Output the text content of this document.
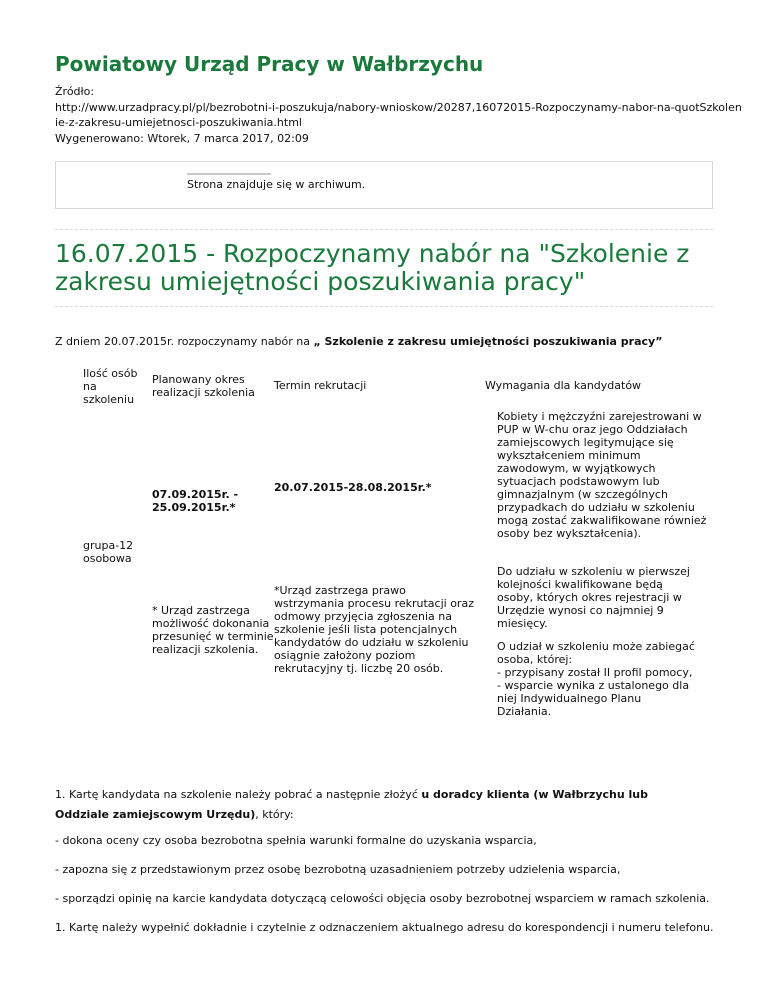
Powiatowy Urząd Pracy w Wałbrzychu
Źródło:
http://www.urzadpracy.pl/pl/bezrobotni-i-poszukuja/nabory-wnioskow/20287,16072015-Rozpoczynamy-nabor-na-quotSzkolen
ie-z-zakresu-umiejetnosci-poszukiwania.html
Wygenerowano: Wtorek, 7 marca 2017, 02:09
Strona znajduje się w archiwum.
16.07.2015 - Rozpoczynamy nabór na "Szkolenie z zakresu umiejętności poszukiwania pracy"
Z dniem 20.07.2015r. rozpoczynamy nabór na „ Szkolenie z zakresu umiejętności poszukiwania pracy”
Ilość osób na szkoleniu
Planowany okres realizacji szkolenia
Termin rekrutacji	Wymagania dla kandydatów
grupa-12 osobowa
07.09.2015r. - 25.09.2015r.*
20.07.2015-28.08.2015r.*
Kobiety i mężczyźni zarejestrowani w PUP w W-chu oraz jego Oddziałach zamiejscowych legitymujące się wykształceniem minimum zawodowym, w wyjątkowych sytuacjach podstawowym lub gimnazjalnym (w szczególnych przypadkach do udziału w szkoleniu mogą zostać zakwalifikowane również osoby bez wykształcenia).
Do udziału w szkoleniu w pierwszej kolejności kwalifikowane będą osoby, których okres rejestracji w Urzędzie wynosi co najmniej 9 miesięcy.
O udział w szkoleniu może zabiegać osoba, której:
- przypisany został II profil pomocy,
- wsparcie wynika z ustalonego dla niej Indywidualnego Planu Działania.
* Urząd zastrzega możliwość dokonania przesunięć w terminie realizacji szkolenia.
*Urząd zastrzega prawo wstrzymania procesu rekrutacji oraz odmowy przyjęcia zgłoszenia na szkolenie jeśli lista potencjalnych kandydatów do udziału w szkoleniu osiągnie założony poziom rekrutacyjny tj. liczbę 20 osób.
1. Kartę kandydata na szkolenie należy pobrać a następnie złożyć u doradcy klienta (w Wałbrzychu lub Oddziale zamiejscowym Urzędu), który:
- dokona oceny czy osoba bezrobotna spełnia warunki formalne do uzyskania wsparcia,
- zapozna się z przedstawionym przez osobę bezrobotną uzasadnieniem potrzeby udzielenia wsparcia,
- sporządzi opinię na karcie kandydata dotyczącą celowości objęcia osoby bezrobotnej wsparciem w ramach szkolenia.
1. Kartę należy wypełnić dokładnie i czytelnie z odznaczeniem aktualnego adresu do korespondencji i numeru telefonu.
